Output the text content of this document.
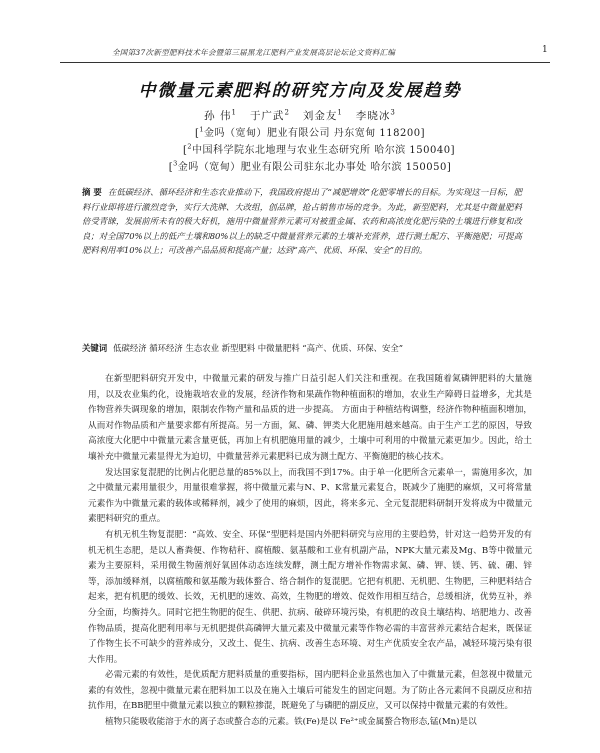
全国第37次新型肥料技术年会暨第三届黑龙江肥料产业发展高层论坛论文资料汇编	1
中微量元素肥料的研究方向及发展趋势
孙 伟$^1$ 于广武$^2$ 刘金友$^1$ 李晓冰$^3$
[$^1$金吗（宽甸）肥业有限公司 丹东宽甸 118200]
[$^2$中国科学院东北地理与农业生态研究所 哈尔滨 150040]
[$^3$金吗（宽甸）肥业有限公司驻东北办事处 哈尔滨 150050]
摘 要 在低碳经济、循环经济和生态农业推动下，我国政府提出了“减肥增效”化肥零增长的目标。为实现这一目标，肥料行业即将进行激烈竞争，实行大洗牌、大改组，创品牌，抢占销售市场的竞争。为此，新型肥料，尤其是中微量肥料倍受青睐，发展前所未有的极大好机，施用中微量营养元素可对被重金属、农药和高浓度化肥污染的土壤进行修复和改良；对全国70%以上的低产土壤和80%以上的缺乏中微量营养元素的土壤补充营养，进行测土配方、平衡施肥；可提高肥料利用率10%以上；可改善产品品质和提高产量；达到“高产、优质、环保、安全”的目的。
关键词 低碳经济 循环经济 生态农业 新型肥料 中微量肥料 “高产、优质、环保、安全”

在新型肥料研究开发中，中微量元素的研发与推广日益引起人们关注和重视。在我国随着氮磷钾肥料的大量施用，以及农业集约化，设施栽培农业的发展，经济作物和果蔬作物种植面积的增加，农业生产障碍日益增多，尤其是作物营养失调现象的增加，限制农作物产量和品质的进一步提高。 方面由于种植结构调整，经济作物种植面积增加，从而对作物品质和产量要求都有所提高。另一方面，氮、磷、钾类大化肥施用越来越高。由于生产工艺的原因，导致高浓度大化肥中中微量元素含量更低，再加上有机肥施用量的减少，土壤中可利用的中微量元素更加少。因此，给土壤补充中微量元素显得尤为迫切，中微量营养元素肥料已成为测土配方、平衡施肥的核心技术。

发达国家复混肥的比例占化肥总量的85%以上，而我国不到17%。由于单一化肥所含元素单一，需施用多次，加之中微量元素用量很少，用量很难掌握，将中微量元素与N、P、K常量元素复合，既减少了施肥的麻烦，又可将常量元素作为中微量元素的载体或稀释剂，减少了使用的麻烦，因此，将来多元、全元复混肥料研制开发将成为中微量元素肥料研究的重点。

有机无机生物复混肥：“高效、安全、环保”型肥料是国内外肥料研究与应用的主要趋势，针对这一趋势开发的有机无机生态肥，是以人畜粪便、作物秸秆、腐植酸、氨基酸和工业有机副产品，NPK大量元素及Mg、B等中微量元素为主要原料，采用微生物菌剂好氧固体动态连续发酵，测土配方增补作物需求氮、磷、钾、镁、钙、硫、硼、锌等，添加缓释剂，以腐植酸和氨基酸为载体螯合、络合制作的复混肥。它把有机肥、无机肥、生物肥，三种肥料结合起来，把有机肥的缓效、长效，无机肥的速效、高效，生物肥的增效、促效作用相互结合，总缓相济，优势互补，养分全面，均衡持久。同时它把生物肥的促生、供肥、抗病、破碎环境污染，有机肥的改良土壤结构、培肥地力、改善作物品质，提高化肥利用率与无机肥提供高磷钾大量元素及中微量元素等作物必需的丰富营养元素结合起来，既保证了作物生长不可缺少的营养成分，又改土、促生、抗病、改善生态环境、对生产优质安全农产品，减轻环境污染有很大作用。

必需元素的有效性，是优质配方肥料质量的重要指标，国内肥料企业虽然也加入了中微量元素，但忽视中微量元素的有效性，忽视中微量元素在肥料加工以及在施入土壤后可能发生的固定问题。为了防止各元素间不良副反应和拮抗作用，在BB肥里中微量元素以独立的颗粒掺混，既避免了与磷肥的副反应，又可以保持中微量元素的有效性。

植物只能吸收能溶于水的离子态或螯合态的元素。铁(Fe)是以 Fe²⁺或金属螯合物形态,锰(Mn)是以
